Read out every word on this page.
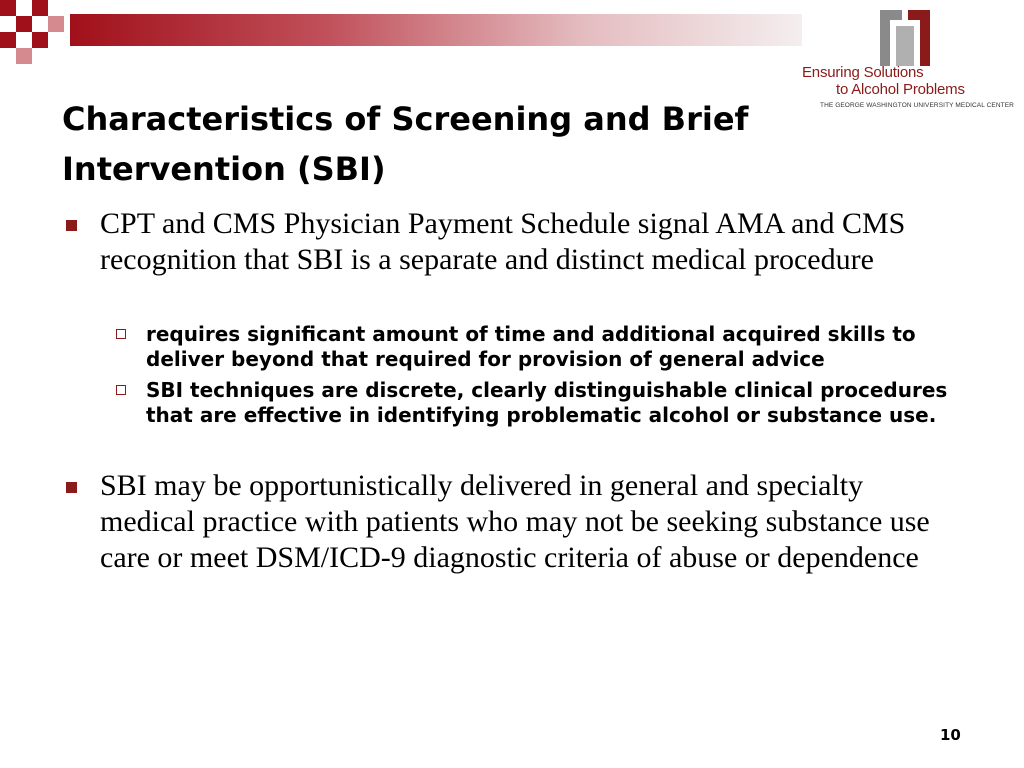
Ensuring Solutions
to Alcohol Problems
THE GEORGE WASHINGTON UNIVERSITY MEDICAL CENTER
Characteristics of Screening and Brief Intervention (SBI)
CPT and CMS Physician Payment Schedule signal AMA and CMS recognition that SBI is a separate and distinct medical procedure
requires significant amount of time and additional acquired skills to deliver beyond that required for provision of general advice
SBI techniques are discrete, clearly distinguishable clinical procedures that are effective in identifying problematic alcohol or substance use.
SBI may be opportunistically delivered in general and specialty medical practice with patients who may not be seeking substance use care or meet DSM/ICD-9 diagnostic criteria of abuse or dependence
10
